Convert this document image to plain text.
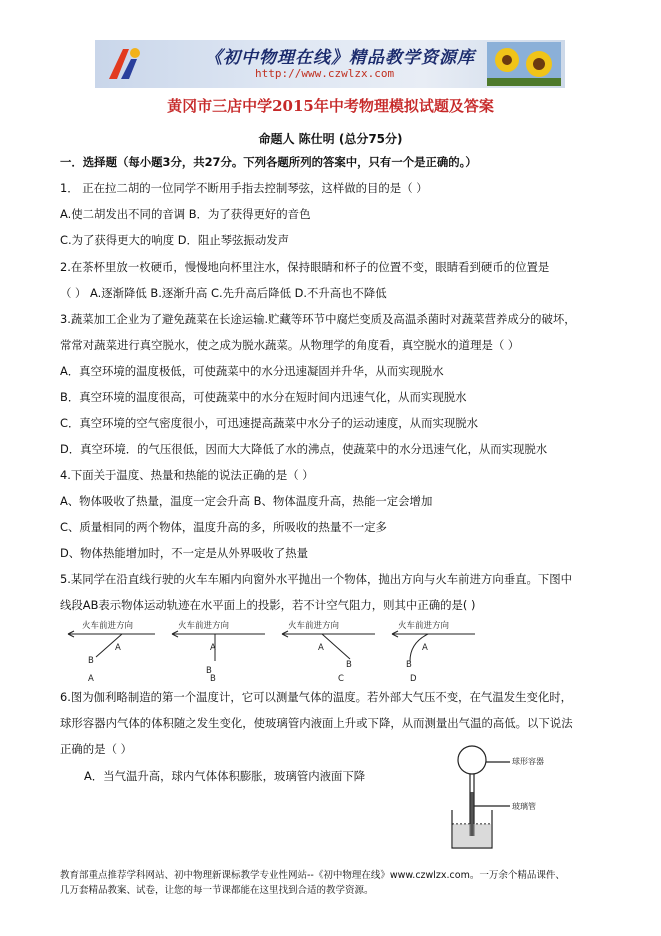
《初中物理在线》精品教学资源库
http://www.czwlzx.com
黄冈市三店中学2015年中考物理模拟试题及答案
命题人 陈仕明 (总分75分)
一．选择题（每小题3分，共27分。下列各题所列的答案中，只有一个是正确的。）
1． 正在拉二胡的一位同学不断用手指去控制琴弦，这样做的目的是（ ）
A.使二胡发出不同的音调 B．为了获得更好的音色
C.为了获得更大的响度 D．阻止琴弦振动发声
2.在茶杯里放一枚硬币，慢慢地向杯里注水，保持眼睛和杯子的位置不变，眼睛看到硬币的位置是
（ ） A.逐渐降低 B.逐渐升高 C.先升高后降低 D.不升高也不降低
3.蔬菜加工企业为了避免蔬菜在长途运输.贮藏等环节中腐烂变质及高温杀菌时对蔬菜营养成分的破坏，
常常对蔬菜进行真空脱水，使之成为脱水蔬菜。从物理学的角度看，真空脱水的道理是（ ）
A．真空环境的温度极低，可使蔬菜中的水分迅速凝固并升华，从而实现脱水
B．真空环境的温度很高，可使蔬菜中的水分在短时间内迅速气化，从而实现脱水
C．真空环境的空气密度很小，可迅速提高蔬菜中水分子的运动速度，从而实现脱水
D．真空环境．的气压很低，因而大大降低了水的沸点，使蔬菜中的水分迅速气化，从而实现脱水
4.下面关于温度、热量和热能的说法正确的是（ ）
A、物体吸收了热量，温度一定会升高 B、物体温度升高，热能一定会增加
C、质量相同的两个物体，温度升高的多，所吸收的热量不一定多
D、物体热能增加时，不一定是从外界吸收了热量
5.某同学在沿直线行驶的火车车厢内向窗外水平抛出一个物体，抛出方向与火车前进方向垂直。下图中
线段AB表示物体运动轨迹在水平面上的投影，若不计空气阻力，则其中正确的是( )
火车前进方向
A
B
A
火车前进方向
A
B
B
火车前进方向
A
B
C
火车前进方向
A
B
D
6.图为伽利略制造的第一个温度计，它可以测量气体的温度。若外部大气压不变，在气温发生变化时，
球形容器内气体的体积随之发生变化，使玻璃管内液面上升或下降，从而测量出气温的高低。以下说法
正确的是（ ）
A．当气温升高，球内气体体积膨胀，玻璃管内液面下降
球形容器
玻璃管
教育部重点推荐学科网站、初中物理新课标教学专业性网站--《初中物理在线》www.czwlzx.com。一万余个精品课件、
几万套精品教案、试卷，让您的每一节课都能在这里找到合适的教学资源。
